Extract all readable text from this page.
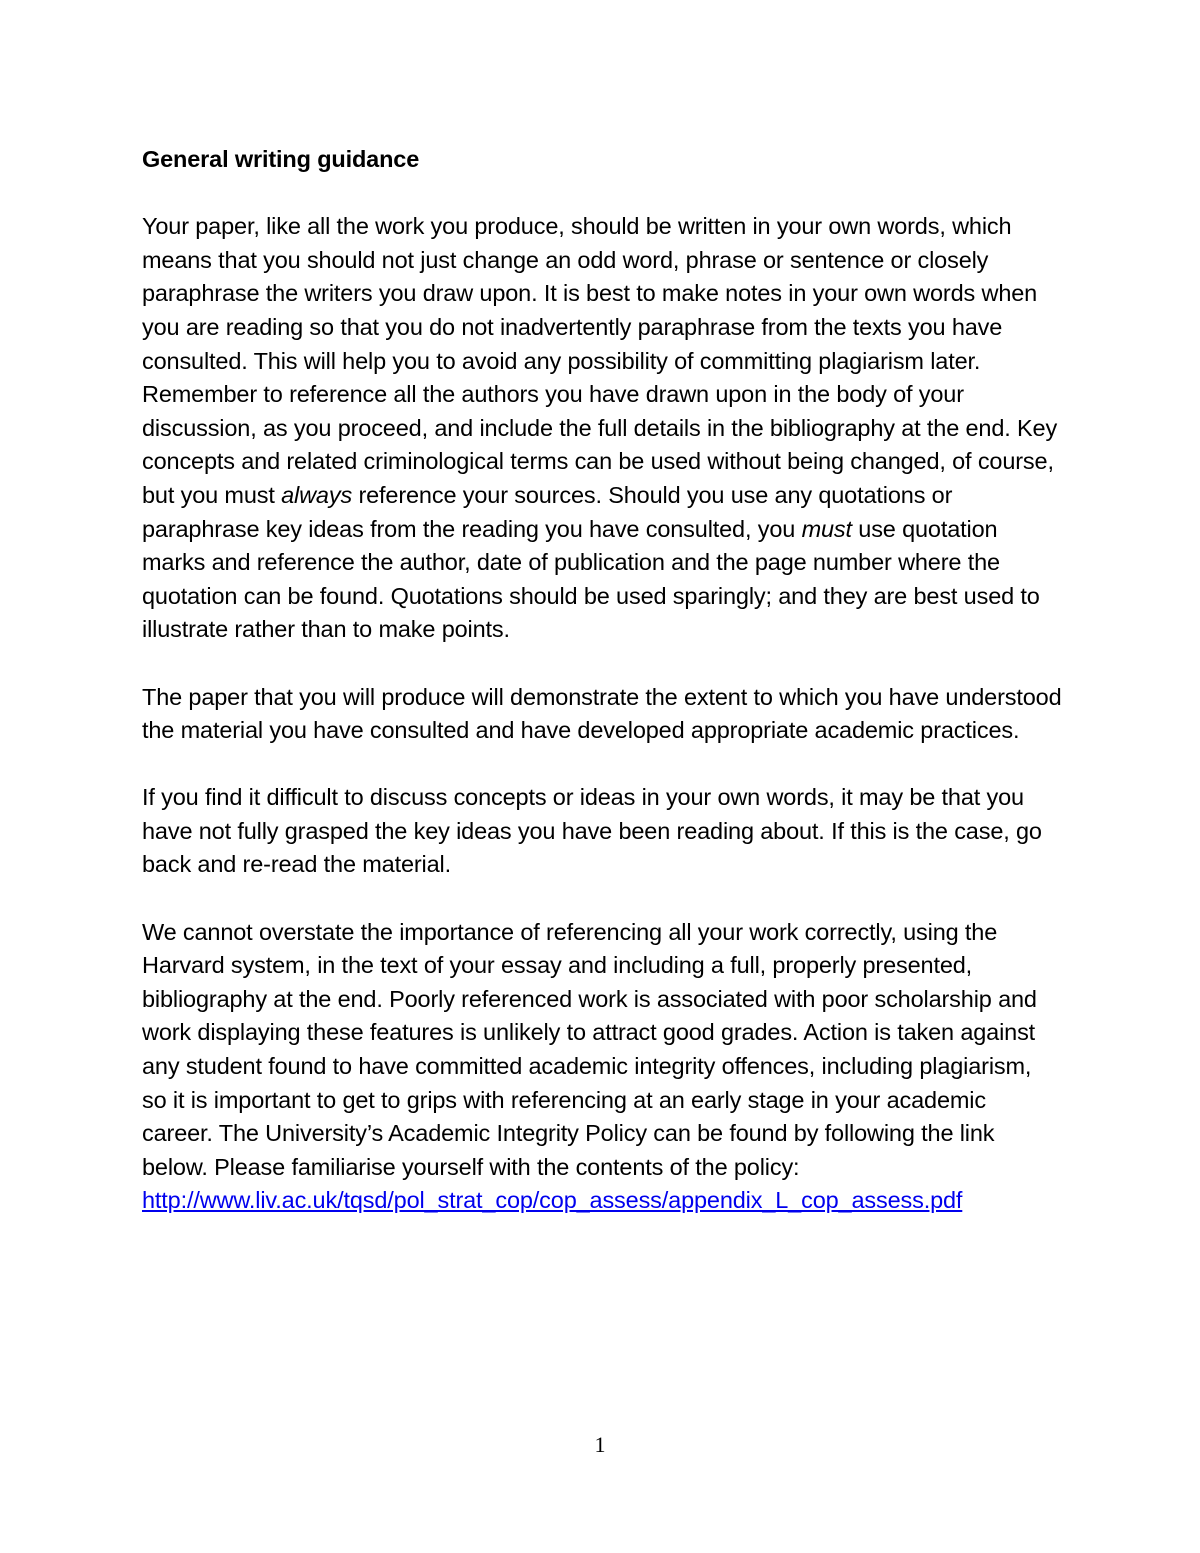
General writing guidance

Your paper, like all the work you produce, should be written in your own words, which means that you should not just change an odd word, phrase or sentence or closely paraphrase the writers you draw upon. It is best to make notes in your own words when you are reading so that you do not inadvertently paraphrase from the texts you have consulted. This will help you to avoid any possibility of committing plagiarism later. Remember to reference all the authors you have drawn upon in the body of your discussion, as you proceed, and include the full details in the bibliography at the end. Key concepts and related criminological terms can be used without being changed, of course, but you must always reference your sources. Should you use any quotations or paraphrase key ideas from the reading you have consulted, you must use quotation marks and reference the author, date of publication and the page number where the quotation can be found. Quotations should be used sparingly; and they are best used to illustrate rather than to make points.

The paper that you will produce will demonstrate the extent to which you have understood the material you have consulted and have developed appropriate academic practices.

If you find it difficult to discuss concepts or ideas in your own words, it may be that you have not fully grasped the key ideas you have been reading about. If this is the case, go back and re-read the material.

We cannot overstate the importance of referencing all your work correctly, using the Harvard system, in the text of your essay and including a full, properly presented, bibliography at the end. Poorly referenced work is associated with poor scholarship and work displaying these features is unlikely to attract good grades. Action is taken against any student found to have committed academic integrity offences, including plagiarism, so it is important to get to grips with referencing at an early stage in your academic career. The University’s Academic Integrity Policy can be found by following the link below. Please familiarise yourself with the contents of the policy:
http://www.liv.ac.uk/tqsd/pol_strat_cop/cop_assess/appendix_L_cop_assess.pdf

1
